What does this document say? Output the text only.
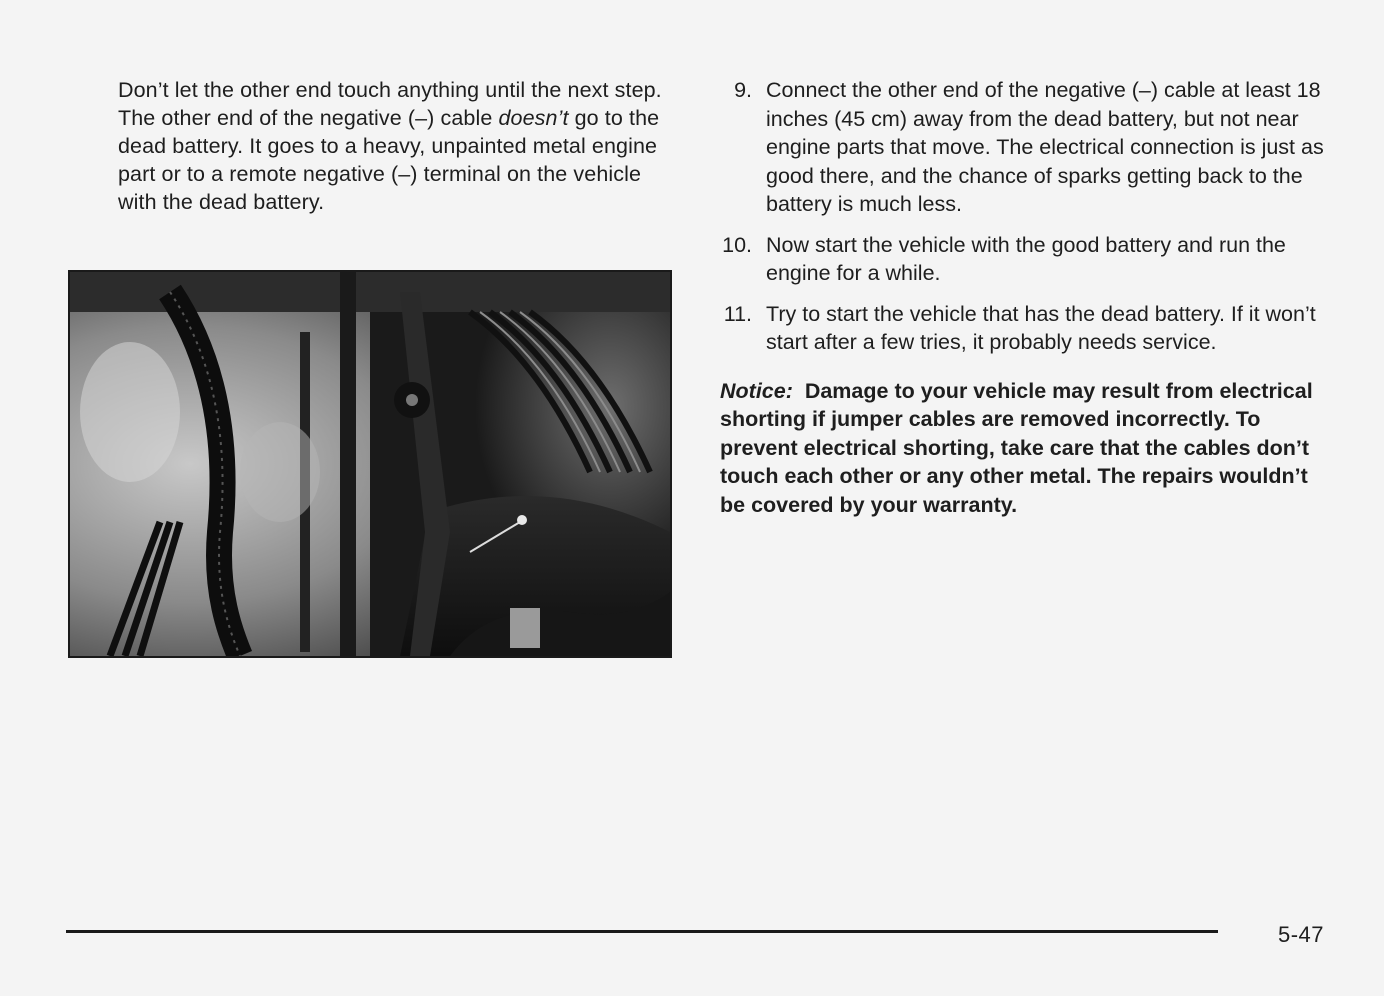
Don’t let the other end touch anything until the next step. The other end of the negative (–) cable doesn’t go to the dead battery. It goes to a heavy, unpainted metal engine part or to a remote negative (–) terminal on the vehicle with the dead battery.

9. Connect the other end of the negative (–) cable at least 18 inches (45 cm) away from the dead battery, but not near engine parts that move. The electrical connection is just as good there, and the chance of sparks getting back to the battery is much less.

10. Now start the vehicle with the good battery and run the engine for a while.

11. Try to start the vehicle that has the dead battery. If it won’t start after a few tries, it probably needs service.

Notice: Damage to your vehicle may result from electrical shorting if jumper cables are removed incorrectly. To prevent electrical shorting, take care that the cables don’t touch each other or any other metal. The repairs wouldn’t be covered by your warranty.

5-47
